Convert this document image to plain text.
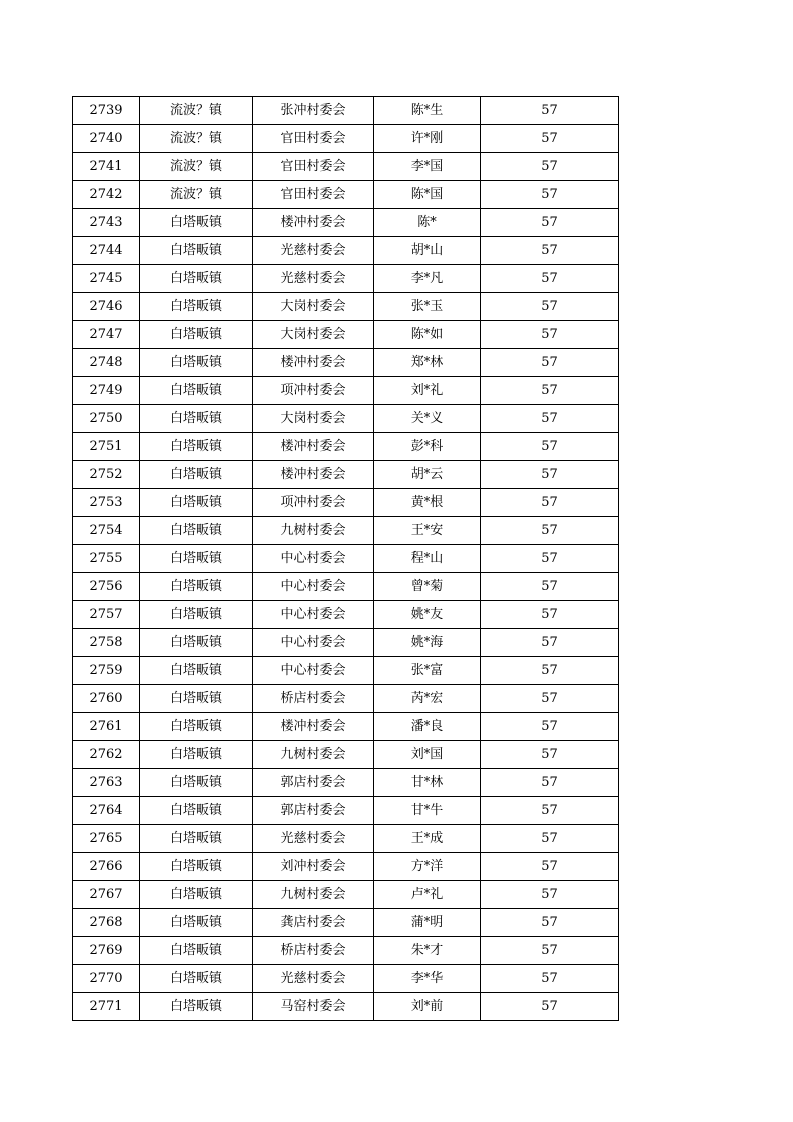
2739	流波？镇	张冲村委会	陈*生	57
2740	流波？镇	官田村委会	许*刚	57
2741	流波？镇	官田村委会	李*国	57
2742	流波？镇	官田村委会	陈*国	57
2743	白塔畈镇	楼冲村委会	陈*	57
2744	白塔畈镇	光慈村委会	胡*山	57
2745	白塔畈镇	光慈村委会	李*凡	57
2746	白塔畈镇	大岗村委会	张*玉	57
2747	白塔畈镇	大岗村委会	陈*如	57
2748	白塔畈镇	楼冲村委会	郑*林	57
2749	白塔畈镇	项冲村委会	刘*礼	57
2750	白塔畈镇	大岗村委会	关*义	57
2751	白塔畈镇	楼冲村委会	彭*科	57
2752	白塔畈镇	楼冲村委会	胡*云	57
2753	白塔畈镇	项冲村委会	黄*根	57
2754	白塔畈镇	九树村委会	王*安	57
2755	白塔畈镇	中心村委会	程*山	57
2756	白塔畈镇	中心村委会	曾*菊	57
2757	白塔畈镇	中心村委会	姚*友	57
2758	白塔畈镇	中心村委会	姚*海	57
2759	白塔畈镇	中心村委会	张*富	57
2760	白塔畈镇	桥店村委会	芮*宏	57
2761	白塔畈镇	楼冲村委会	潘*良	57
2762	白塔畈镇	九树村委会	刘*国	57
2763	白塔畈镇	郭店村委会	甘*林	57
2764	白塔畈镇	郭店村委会	甘*牛	57
2765	白塔畈镇	光慈村委会	王*成	57
2766	白塔畈镇	刘冲村委会	方*洋	57
2767	白塔畈镇	九树村委会	卢*礼	57
2768	白塔畈镇	龚店村委会	蒲*明	57
2769	白塔畈镇	桥店村委会	朱*才	57
2770	白塔畈镇	光慈村委会	李*华	57
2771	白塔畈镇	马窑村委会	刘*前	57
